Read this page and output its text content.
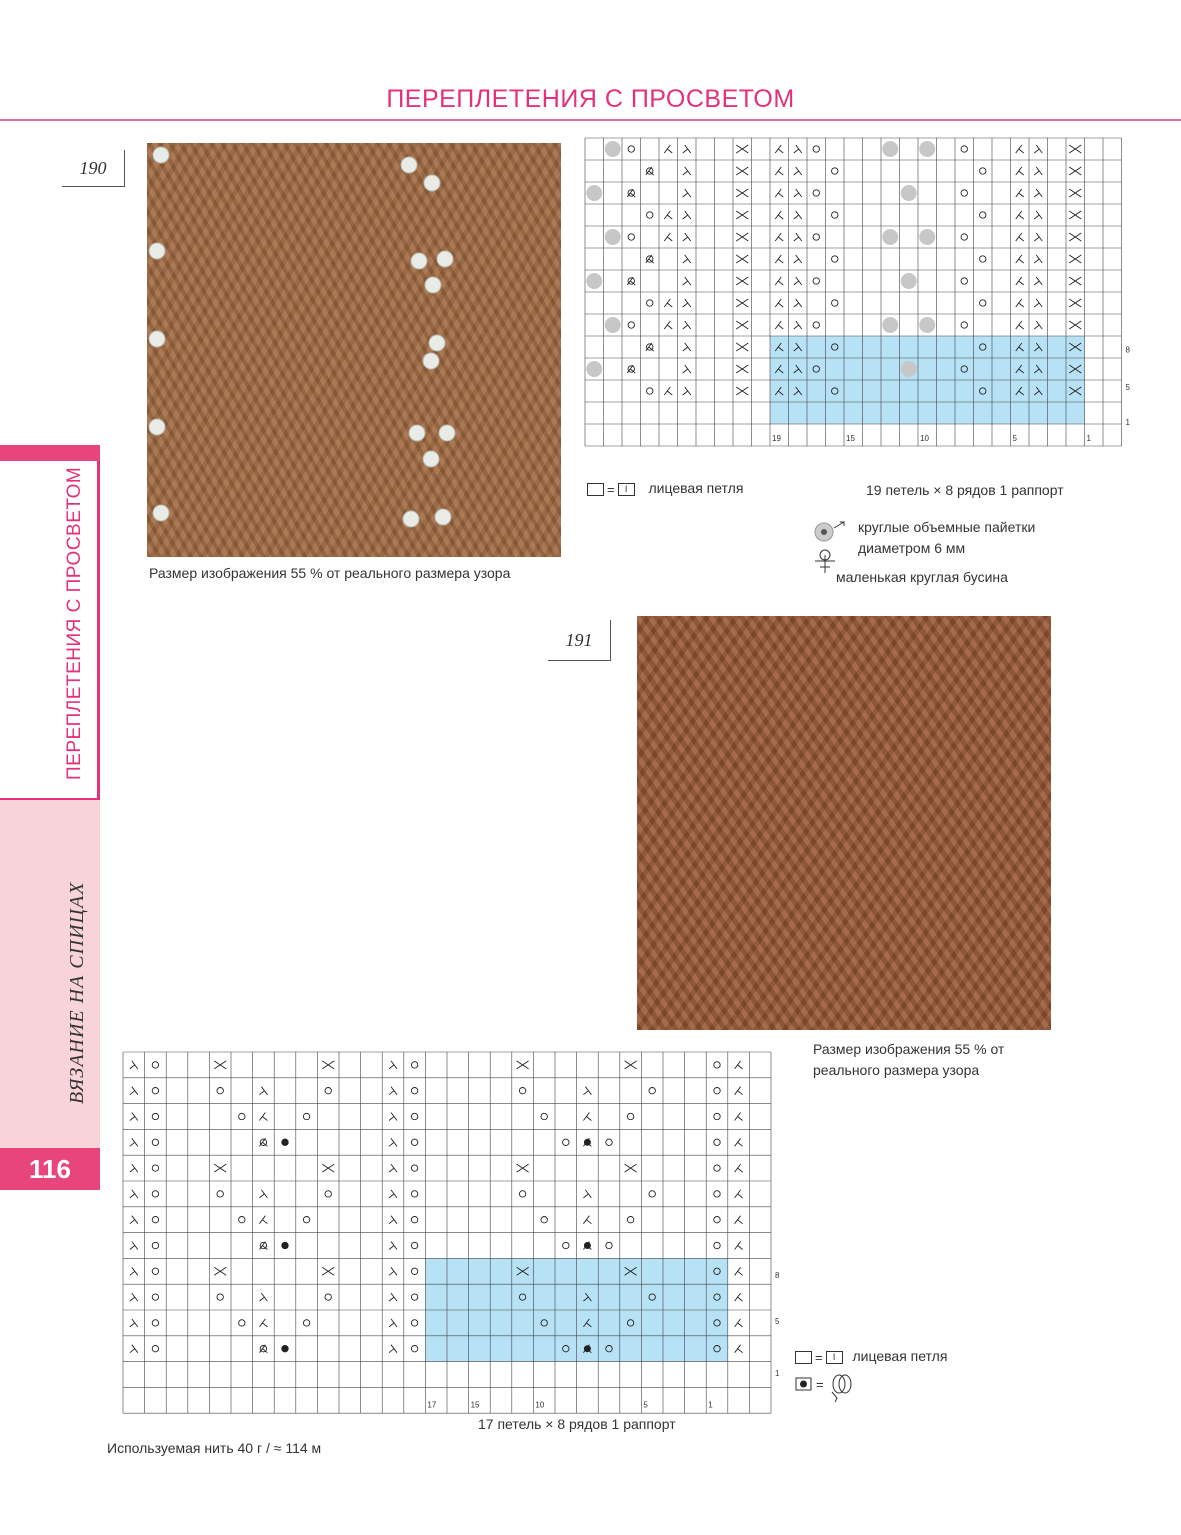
ПЕРЕПЛЕТЕНИЯ С ПРОСВЕТОМ
ПЕРЕПЛЕТЕНИЯ С ПРОСВЕТОМ
ВЯЗАНИЕ НА СПИЦАХ
116
190
Размер изображения 55 % от реального размера узора
8
5
1
19	15	10	5	1
= I лицевая петля	19 петель × 8 рядов 1 раппорт
круглые объемные пайетки диаметром 6 мм
маленькая круглая бусина
191
Размер изображения 55 % от реального размера узора
8
5
1
17	15	10	5	1
17 петель × 8 рядов 1 раппорт
= I лицевая петля
=
Используемая нить 40 г / ≈ 114 м
